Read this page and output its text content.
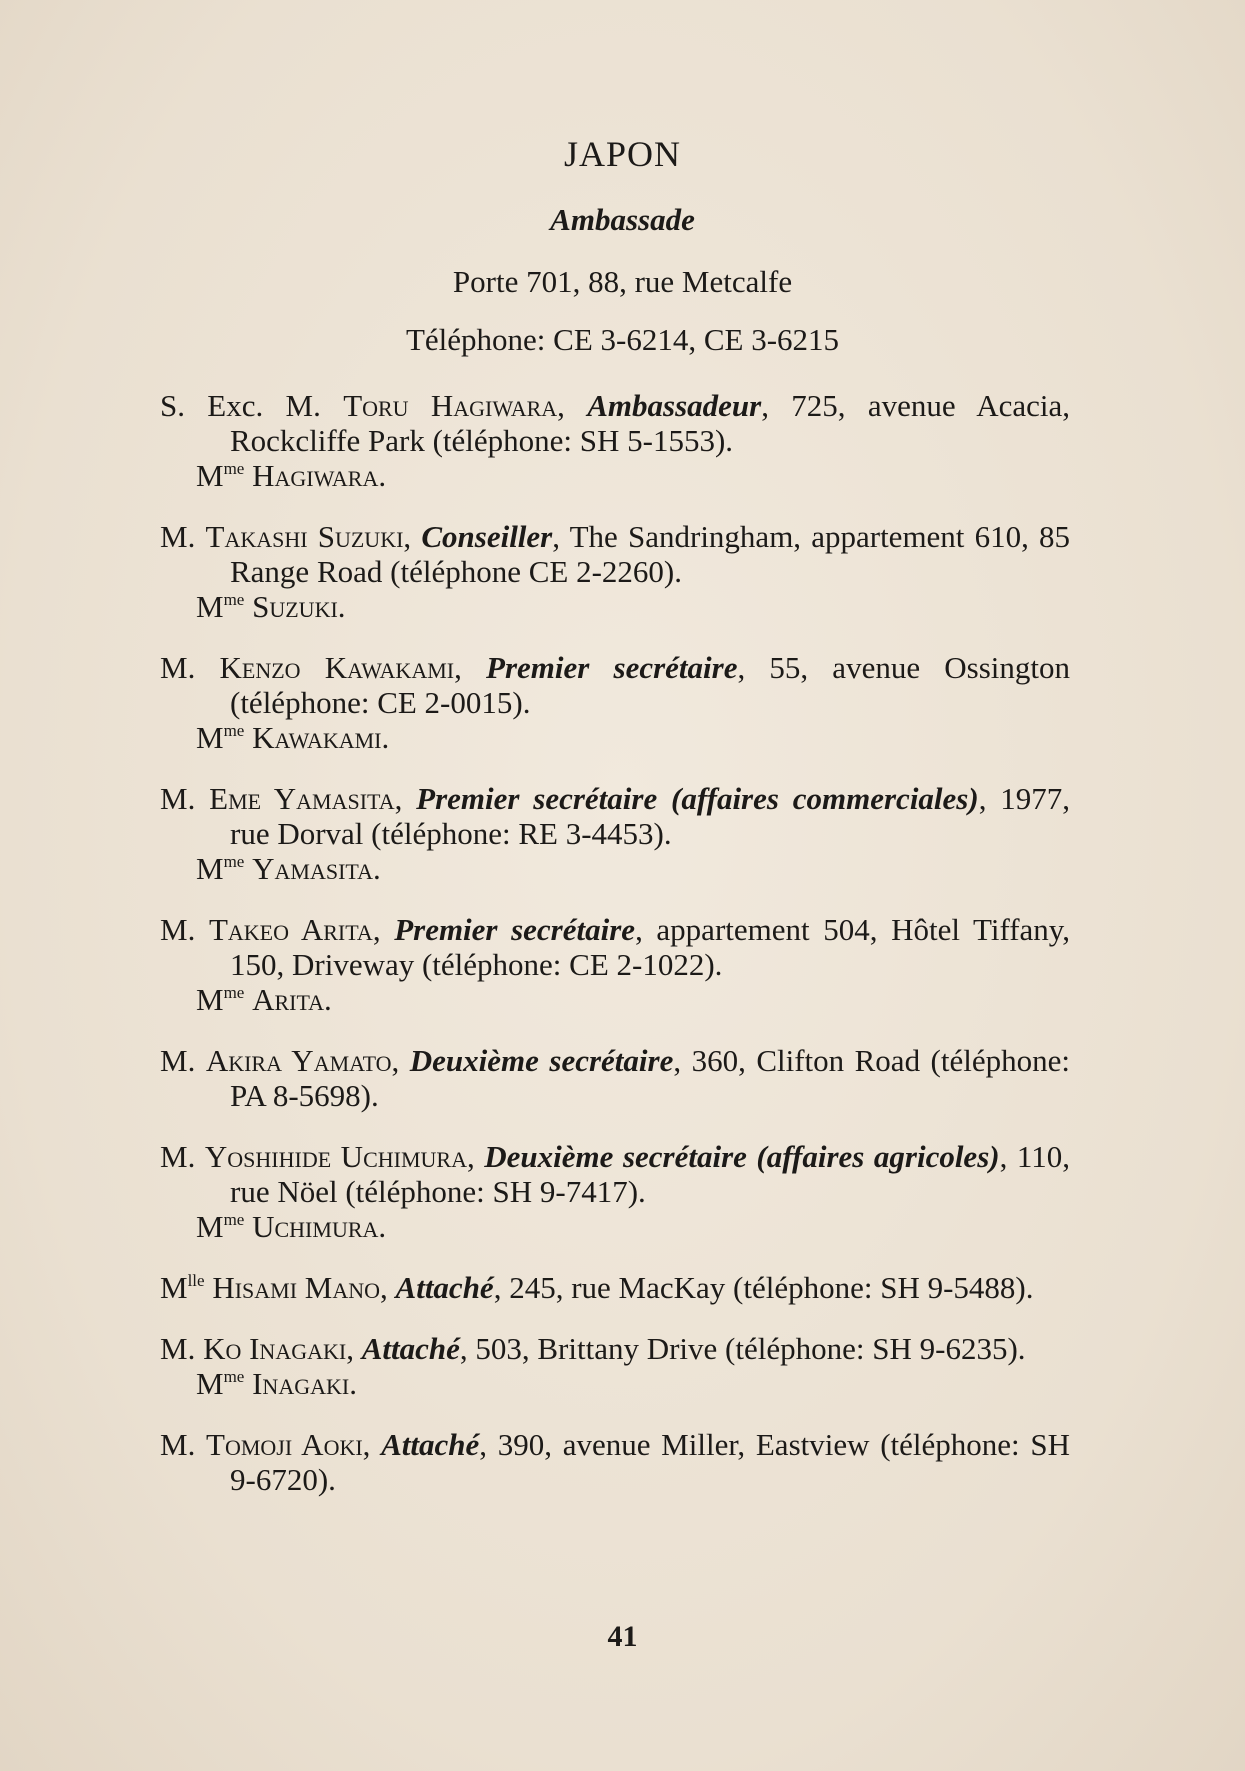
JAPON
Ambassade
Porte 701, 88, rue Metcalfe
Téléphone: CE 3-6214, CE 3-6215

S. Exc. M. Toru Hagiwara, Ambassadeur, 725, avenue Acacia, Rockcliffe Park (téléphone: SH 5-1553).

$M^{me}$ Hagiwara.

M. Takashi Suzuki, Conseiller, The Sandringham, appartement 610, 85 Range Road (téléphone CE 2-2260).

$M^{me}$ Suzuki.

M. Kenzo Kawakami, Premier secrétaire, 55, avenue Ossington (téléphone: CE 2-0015).

$M^{me}$ Kawakami.

M. Eme Yamasita, Premier secrétaire (affaires commerciales), 1977, rue Dorval (téléphone: RE 3-4453).

$M^{me}$ Yamasita.

M. Takeo Arita, Premier secrétaire, appartement 504, Hôtel Tiffany, 150, Driveway (téléphone: CE 2-1022).

$M^{me}$ Arita.

M. Akira Yamato, Deuxième secrétaire, 360, Clifton Road (téléphone: PA 8-5698).

M. Yoshihide Uchimura, Deuxième secrétaire (affaires agricoles), 110, rue Nöel (téléphone: SH 9-7417).

$M^{me}$ Uchimura.

$M^{lle}$ Hisami Mano, Attaché, 245, rue MacKay (téléphone: SH 9-5488).

M. Ko Inagaki, Attaché, 503, Brittany Drive (téléphone: SH 9-6235).

$M^{me}$ Inagaki.

M. Tomoji Aoki, Attaché, 390, avenue Miller, Eastview (téléphone: SH 9-6720).

41
